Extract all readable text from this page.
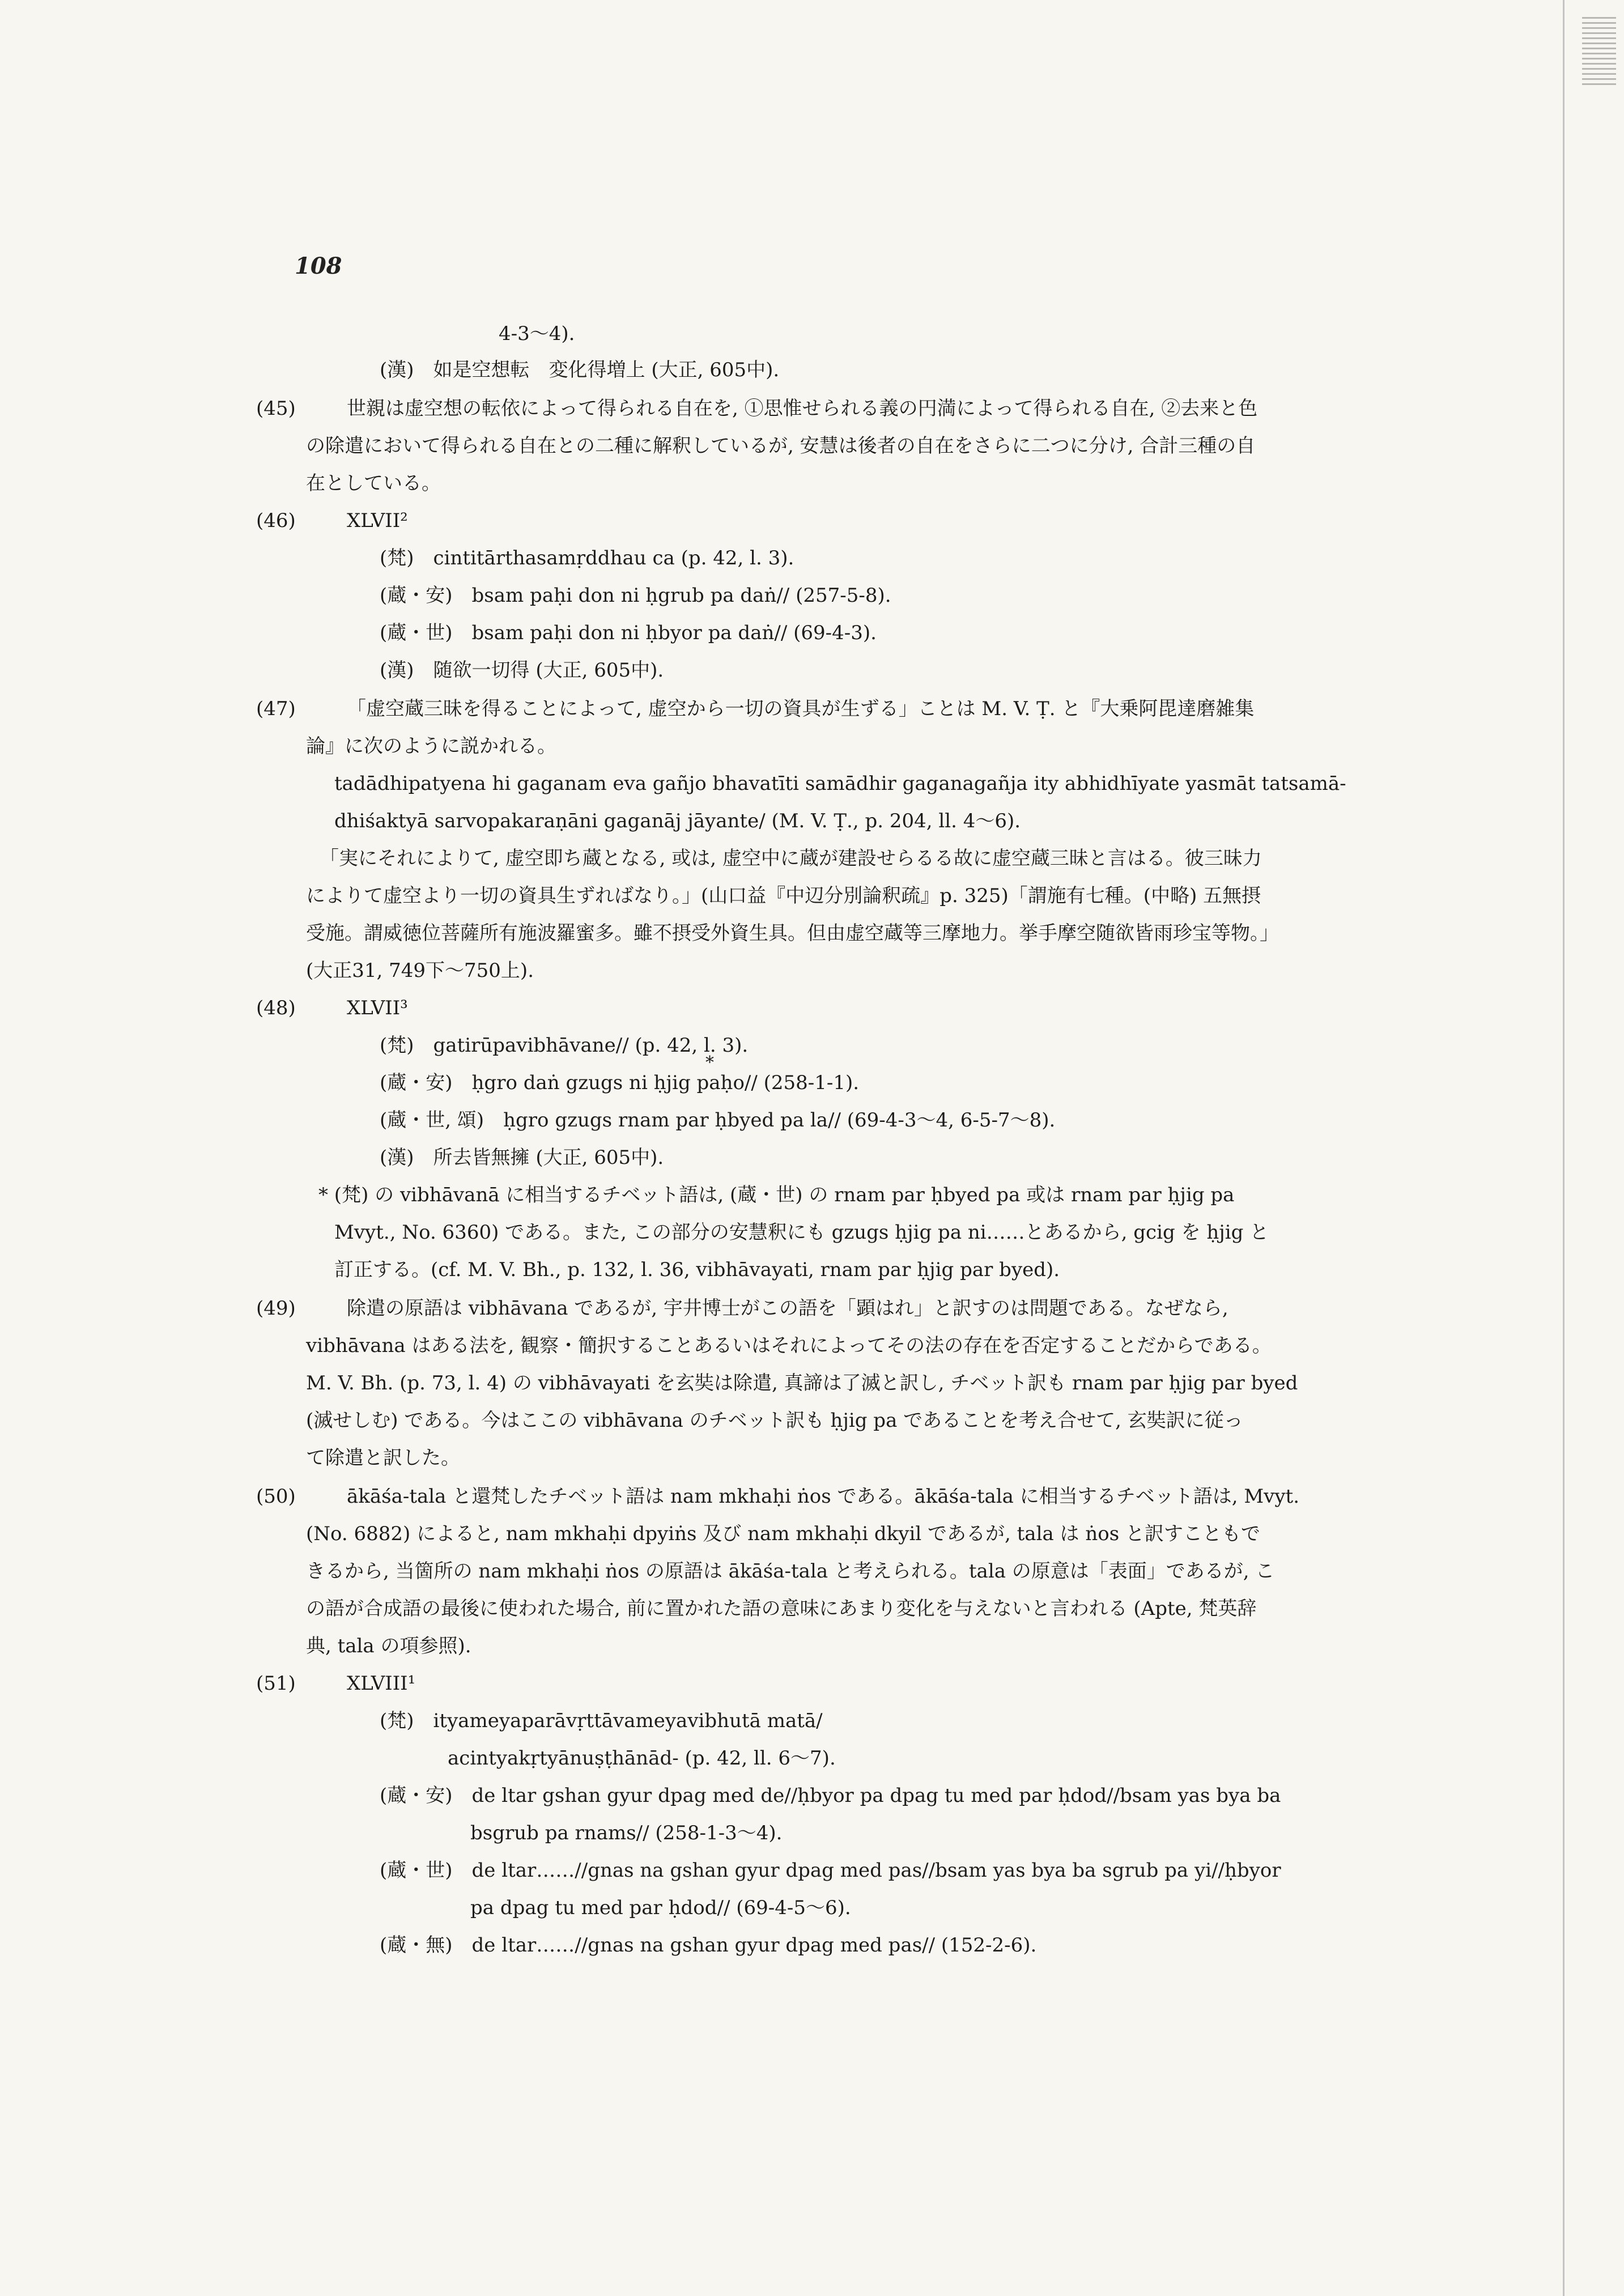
108
(45)
(46)
(47)
(48)
(49)
(50)
(51)
4-3〜4).
(漢)　如是空想転　変化得増上 (大正, 605中).
世親は虚空想の転依によって得られる自在を, ①思惟せられる義の円満によって得られる自在, ②去来と色
の除遣において得られる自在との二種に解釈しているが, 安慧は後者の自在をさらに二つに分け, 合計三種の自
在としている。
XLVII²
(梵)　cintitārthasamṛddhau ca (p. 42, l. 3).
(蔵・安)　bsam paḥi don ni ḥgrub pa daṅ// (257-5-8).
(蔵・世)　bsam paḥi don ni ḥbyor pa daṅ// (69-4-3).
(漢)　随欲一切得 (大正, 605中).
「虚空蔵三昧を得ることによって, 虚空から一切の資具が生ずる」ことは M. V. Ṭ. と『大乗阿毘達磨雑集
論』に次のように説かれる。
tadādhipatyena hi gaganam eva gañjo bhavatīti samādhir gaganagañja ity abhidhīyate yasmāt tatsamā-
dhiśaktyā sarvopakaraṇāni gaganāj jāyante/ (M. V. Ṭ., p. 204, ll. 4〜6).
「実にそれによりて, 虚空即ち蔵となる, 或は, 虚空中に蔵が建設せらるる故に虚空蔵三昧と言はる。彼三昧力
によりて虚空より一切の資具生ずればなり。」(山口益『中辺分別論釈疏』p. 325)「謂施有七種。(中略) 五無摂
受施。謂威徳位菩薩所有施波羅蜜多。雖不摂受外資生具。但由虚空蔵等三摩地力。挙手摩空随欲皆雨珍宝等物。」
(大正31, 749下〜750上).
XLVII³
(梵)　gatirūpavibhāvane// (p. 42, l. 3).
(蔵・安)　ḥgro daṅ gzugs ni ḥjig paḥo// (258-1-1).
(蔵・世, 頌)　ḥgro gzugs rnam par ḥbyed pa la// (69-4-3〜4, 6-5-7〜8).
(漢)　所去皆無擁 (大正, 605中).
* (梵) の vibhāvanā に相当するチベット語は, (蔵・世) の rnam par ḥbyed pa 或は rnam par ḥjig pa
Mvyt., No. 6360) である。また, この部分の安慧釈にも gzugs ḥjig pa ni……とあるから, gcig を ḥjig と
訂正する。(cf. M. V. Bh., p. 132, l. 36, vibhāvayati, rnam par ḥjig par byed).
除遣の原語は vibhāvana であるが, 宇井博士がこの語を「顕はれ」と訳すのは問題である。なぜなら,
vibhāvana はある法を, 観察・簡択することあるいはそれによってその法の存在を否定することだからである。
M. V. Bh. (p. 73, l. 4) の vibhāvayati を玄奘は除遣, 真諦は了滅と訳し, チベット訳も rnam par ḥjig par byed
(滅せしむ) である。今はここの vibhāvana のチベット訳も ḥjig pa であることを考え合せて, 玄奘訳に従っ
て除遣と訳した。
ākāśa-tala と還梵したチベット語は nam mkhaḥi ṅos である。ākāśa-tala に相当するチベット語は, Mvyt.
(No. 6882) によると, nam mkhaḥi dpyiṅs 及び nam mkhaḥi dkyil であるが, tala は ṅos と訳すこともで
きるから, 当箇所の nam mkhaḥi ṅos の原語は ākāśa-tala と考えられる。tala の原意は「表面」であるが, こ
の語が合成語の最後に使われた場合, 前に置かれた語の意味にあまり変化を与えないと言われる (Apte, 梵英辞
典, tala の項参照).
XLVIII¹
(梵)　ityameyaparāvṛttāvameyavibhutā matā/
acintyakṛtyānuṣṭhānād- (p. 42, ll. 6〜7).
(蔵・安)　de ltar gshan gyur dpag med de//ḥbyor pa dpag tu med par ḥdod//bsam yas bya ba
bsgrub pa rnams// (258-1-3〜4).
(蔵・世)　de ltar……//gnas na gshan gyur dpag med pas//bsam yas bya ba sgrub pa yi//ḥbyor
pa dpag tu med par ḥdod// (69-4-5〜6).
(蔵・無)　de ltar……//gnas na gshan gyur dpag med pas// (152-2-6).
*
